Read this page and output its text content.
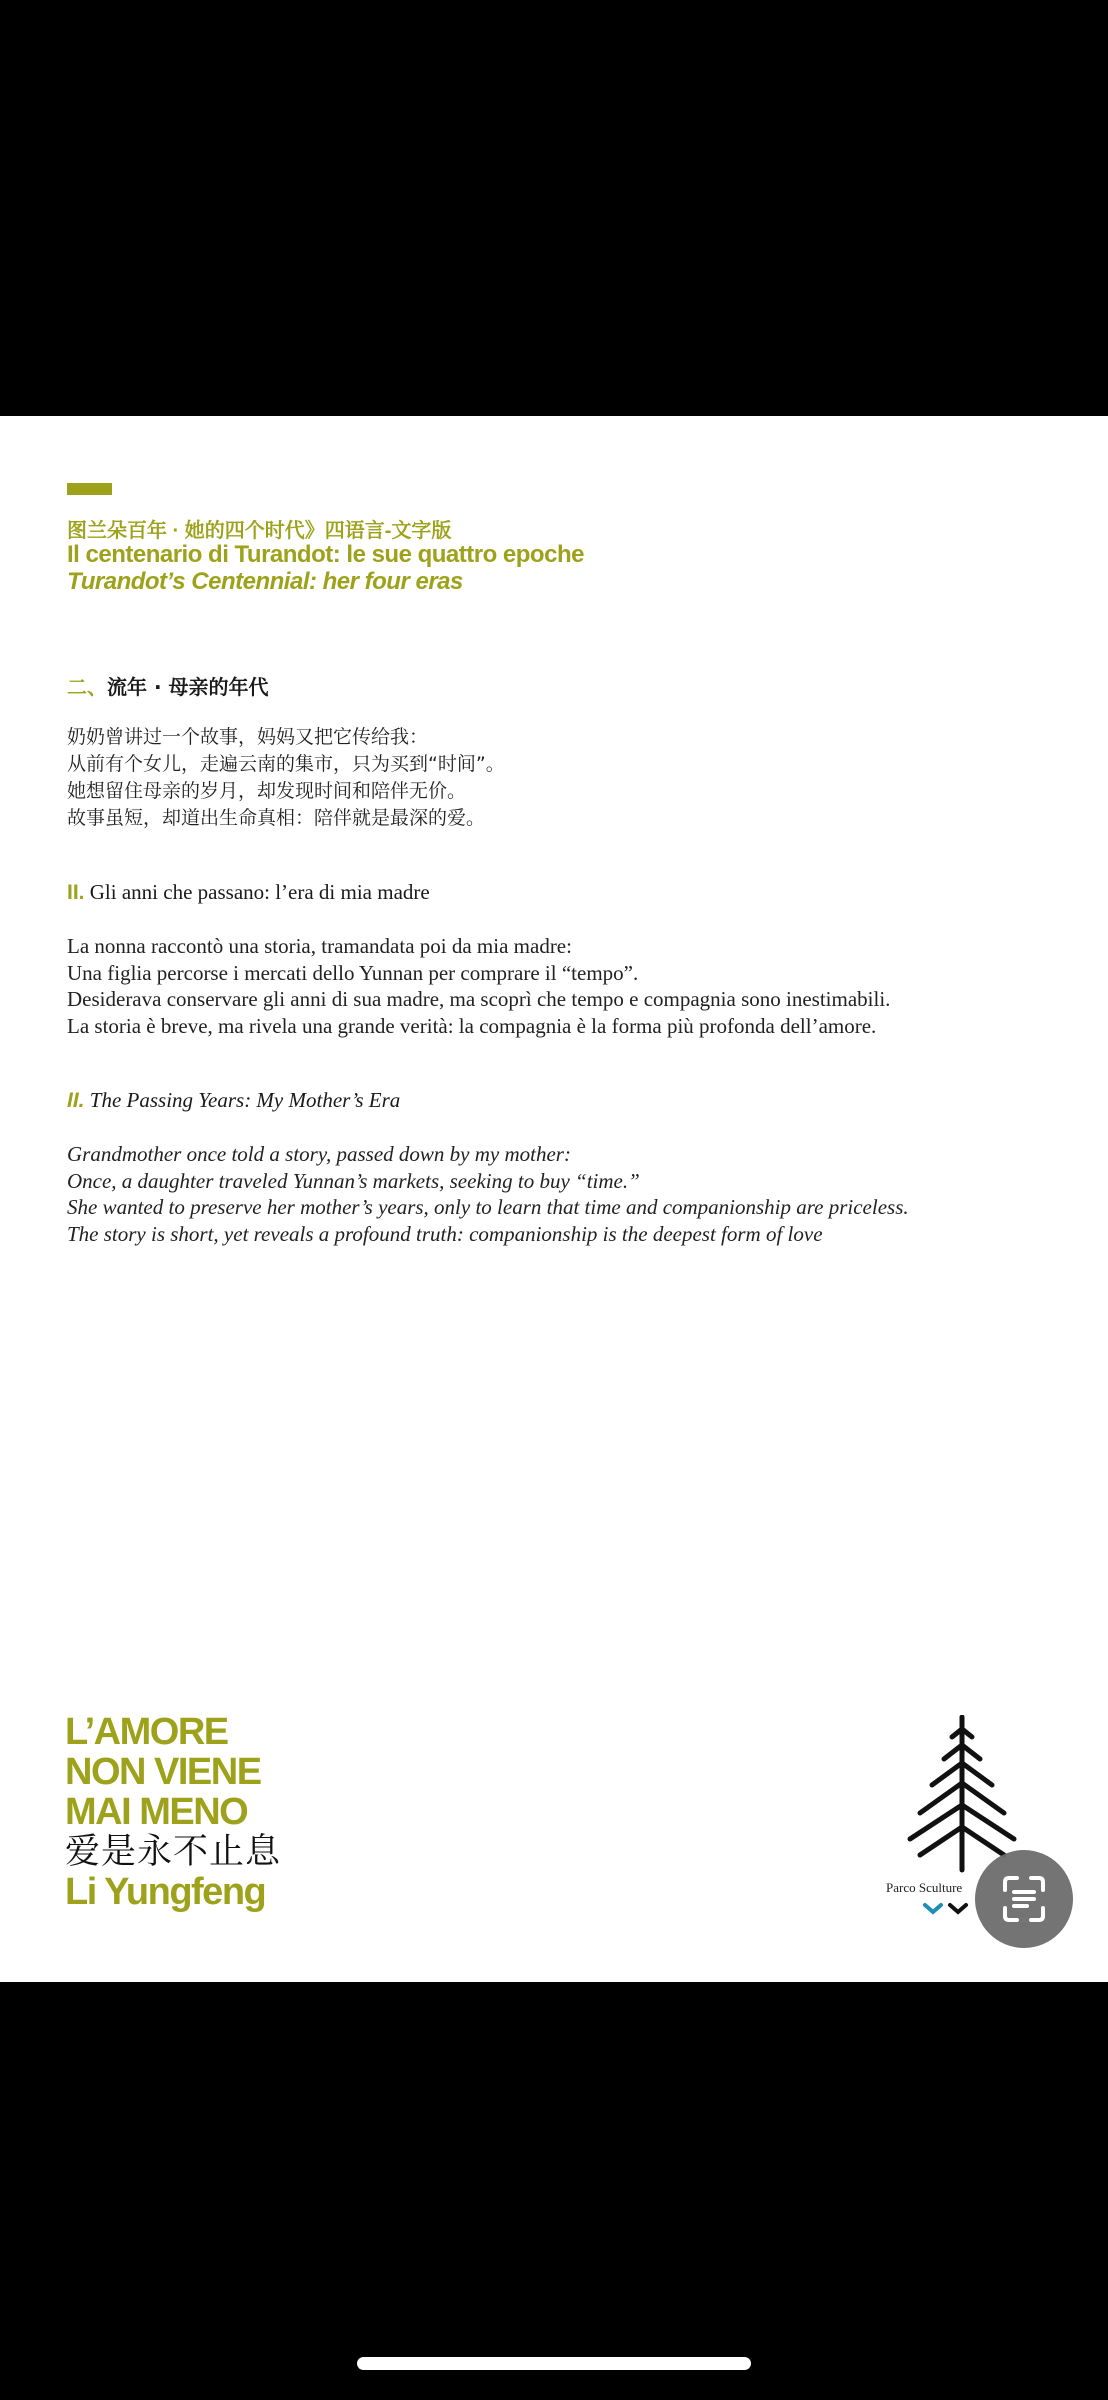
图兰朵百年 · 她的四个时代》四语言-文字版
Il centenario di Turandot: le sue quattro epoche
Turandot’s Centennial: her four eras
二、流年 · 母亲的年代

奶奶曾讲过一个故事，妈妈又把它传给我：
从前有个女儿，走遍云南的集市，只为买到“时间”。
她想留住母亲的岁月，却发现时间和陪伴无价。
故事虽短，却道出生命真相：陪伴就是最深的爱。

II. Gli anni che passano: l’era di mia madre

La nonna raccontò una storia, tramandata poi da mia madre:
Una figlia percorse i mercati dello Yunnan per comprare il “tempo”.
Desiderava conservare gli anni di sua madre, ma scoprì che tempo e compagnia sono inestimabili.
La storia è breve, ma rivela una grande verità: la compagnia è la forma più profonda dell’amore.

II. The Passing Years: My Mother’s Era

Grandmother once told a story, passed down by my mother:
Once, a daughter traveled Yunnan’s markets, seeking to buy “time.”
She wanted to preserve her mother’s years, only to learn that time and companionship are priceless.
The story is short, yet reveals a profound truth: companionship is the deepest form of love

L’AMORE
NON VIENE
MAI MENO
爱是永不止息
Li Yungfeng	Parco Sculture
